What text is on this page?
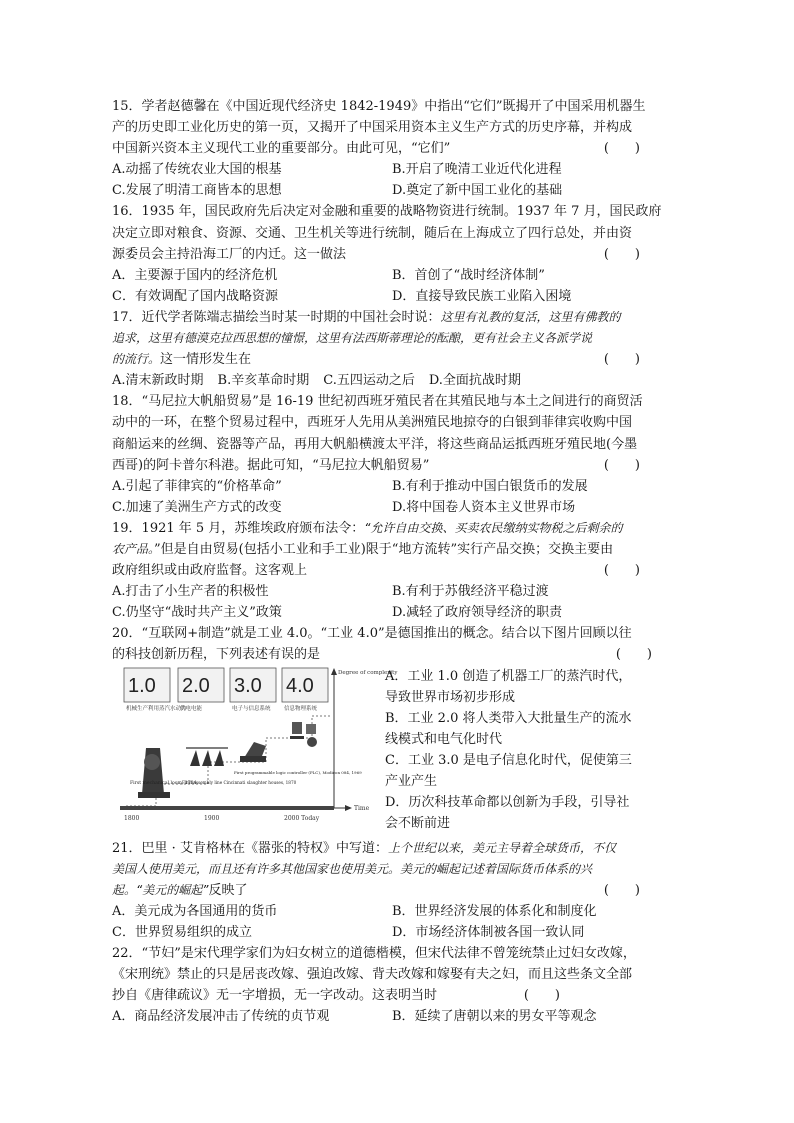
15．学者赵德馨在《中国近现代经济史 1842-1949》中指出“它们”既揭开了中国采用机器生
产的历史即工业化历史的第一页，又揭开了中国采用资本主义生产方式的历史序幕，并构成
中国新兴资本主义现代工业的重要部分。由此可见，“它们”	(　　)
A.动摇了传统农业大国的根基	B.开启了晚清工业近代化进程
C.发展了明清工商皆本的思想	D.奠定了新中国工业化的基础
16．1935 年，国民政府先后决定对金融和重要的战略物资进行统制。1937 年 7 月，国民政府
决定立即对粮食、资源、交通、卫生机关等进行统制，随后在上海成立了四行总处，并由资
源委员会主持沿海工厂的内迁。这一做法	(　　)
A．主要源于国内的经济危机	B．首创了“战时经济体制”
C．有效调配了国内战略资源	D．直接导致民族工业陷入困境
17．近代学者陈端志描绘当时某一时期的中国社会时说：这里有礼教的复活，这里有佛教的
追求，这里有德漠克拉西思想的憧憬，这里有法西斯蒂理论的酝酿，更有社会主义各派学说
的流行。这一情形发生在	(　　)
A.清末新政时期 B.辛亥革命时期 C.五四运动之后 D.全面抗战时期
18．“马尼拉大帆船贸易”是 16-19 世纪初西班牙殖民者在其殖民地与本土之间进行的商贸活
动中的一环，在整个贸易过程中，西班牙人先用从美洲殖民地掠夺的白银到菲律宾收购中国
商船运来的丝绸、瓷器等产品，再用大帆船横渡太平洋，将这些商品运抵西班牙殖民地(今墨
西哥)的阿卡普尔科港。据此可知，“马尼拉大帆船贸易”	(　　)
A.引起了菲律宾的“价格革命”	B.有利于推动中国白银货币的发展
C.加速了美洲生产方式的改变	D.将中国卷人资本主义世界市场
19．1921 年 5 月，苏维埃政府颁布法令：“允许自由交换、买卖农民缴纳实物税之后剩余的
农产品。”但是自由贸易(包括小工业和手工业)限于“地方流转”实行产品交换；交换主要由
政府组织或由政府监督。这客观上	(　　)
A.打击了小生产者的积极性	B.有利于苏俄经济平稳过渡
C.仍坚守“战时共产主义”政策	D.减轻了政府领导经济的职责
20．“互联网+制造”就是工业 4.0。“工业 4.0”是德国推出的概念。结合以下图片回顾以往
的科技创新历程，下列表述有误的是	(　　)
1.0 2.0 3.0 4.0
机械生产利用蒸汽水动力
供电电能	电子与信息系统 信息物理系统
Degree of complexity
First mechanical loom, 1784
First assembly line Cincinnati slaughter houses, 1870
First programmable logic controller (PLC), Modicon 084, 1969
Time
1800	1900	2000 Today
A．工业 1.0 创造了机器工厂的蒸汽时代，
导致世界市场初步形成
B．工业 2.0 将人类带入大批量生产的流水
线模式和电气化时代
C．工业 3.0 是电子信息化时代，促使第三
产业产生
D．历次科技革命都以创新为手段，引导社
会不断前进
21．巴里 · 艾肯格林在《嚣张的特权》中写道：上个世纪以来，美元主导着全球货币，不仅
美国人使用美元，而且还有许多其他国家也使用美元。美元的崛起记述着国际货币体系的兴
起。“美元的崛起”反映了	(　　)
A．美元成为各国通用的货币	B．世界经济发展的体系化和制度化
C．世界贸易组织的成立	D．市场经济体制被各国一致认同
22．“节妇”是宋代理学家们为妇女树立的道德楷模，但宋代法律不曾笼统禁止过妇女改嫁，
《宋刑统》禁止的只是居丧改嫁、强迫改嫁、背夫改嫁和嫁娶有夫之妇，而且这些条文全部
抄自《唐律疏议》无一字增损，无一字改动。这表明当时	(　　)
A．商品经济发展冲击了传统的贞节观	B．延续了唐朝以来的男女平等观念
